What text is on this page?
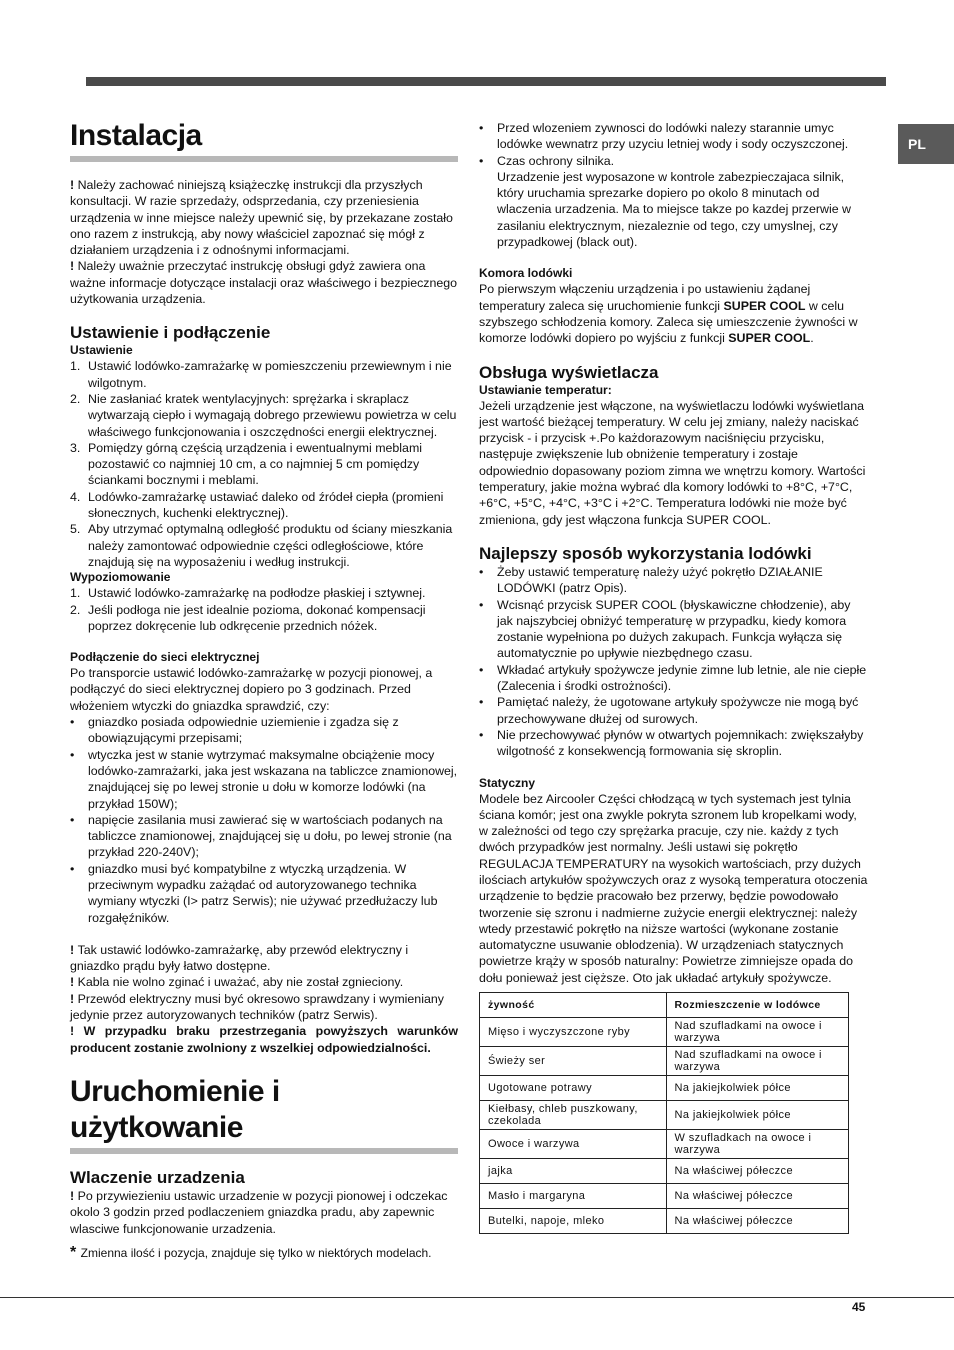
PL
Instalacja

! Należy zachować niniejszą książeczkę instrukcji dla przyszłych konsultacji. W razie sprzedaży, odsprzedania, czy przeniesienia urządzenia w inne miejsce należy upewnić się, by przekazane zostało ono razem z instrukcją, aby nowy właściciel zapoznać się mógł z działaniem urządzenia i z odnośnymi informacjami.

! Należy uważnie przeczytać instrukcję obsługi gdyż zawiera ona ważne informacje dotyczące instalacji oraz właściwego i bezpiecznego użytkowania urządzenia.

Ustawienie i podłączenie
Ustawienie
1. Ustawić lodówko-zamrażarkę w pomieszczeniu przewiewnym i nie wilgotnym.
2. Nie zasłaniać kratek wentylacyjnych: sprężarka i skraplacz wytwarzają ciepło i wymagają dobrego przewiewu powietrza w celu właściwego funkcjonowania i oszczędności energii elektrycznej.
3. Pomiędzy górną częścią urządzenia i ewentualnymi meblami pozostawić co najmniej 10 cm, a co najmniej 5 cm pomiędzy ściankami bocznymi i meblami.
4. Lodówko-zamrażarkę ustawiać daleko od źródeł ciepła (promieni słonecznych, kuchenki elektrycznej).
5. Aby utrzymać optymalną odległość produktu od ściany mieszkania należy zamontować odpowiednie części odległościowe, które znajdują się na wyposażeniu i według instrukcji.
Wypoziomowanie
1. Ustawić lodówko-zamrażarkę na podłodze płaskiej i sztywnej.
2. Jeśli podłoga nie jest idealnie pozioma, dokonać kompensacji poprzez dokręcenie lub odkręcenie przednich nóżek.
Podłączenie do sieci elektrycznej

Po transporcie ustawić lodówko-zamrażarkę w pozycji pionowej, a podłączyć do sieci elektrycznej dopiero po 3 godzinach. Przed włożeniem wtyczki do gniazdka sprawdzić, czy:

• gniazdko posiada odpowiednie uziemienie i zgadza się z obowiązującymi przepisami;
• wtyczka jest w stanie wytrzymać maksymalne obciążenie mocy lodówko-zamrażarki, jaka jest wskazana na tabliczce znamionowej, znajdującej się po lewej stronie u dołu w komorze lodówki (na przykład 150W);
• napięcie zasilania musi zawierać się w wartościach podanych na tabliczce znamionowej, znajdującej się u dołu, po lewej stronie (na przykład 220-240V);
• gniazdko musi być kompatybilne z wtyczką urządzenia. W przeciwnym wypadku zażądać od autoryzowanego technika wymiany wtyczki (I> patrz Serwis); nie używać przedłużaczy lub rozgałęźników.

! Tak ustawić lodówko-zamrażarkę, aby przewód elektryczny i gniazdko prądu były łatwo dostępne.

! Kabla nie wolno zginać i uważać, aby nie został zgnieciony.

! Przewód elektryczny musi być okresowo sprawdzany i wymieniany jedynie przez autoryzowanych techników (patrz Serwis).

! W przypadku braku przestrzegania powyższych warunków producent zostanie zwolniony z wszelkiej odpowiedzialności.

Uruchomienie i użytkowanie
Wlaczenie urzadzenia

! Po przywiezieniu ustawic urzadzenie w pozycji pionowej i odczekac okolo 3 godzin przed podlaczeniem gniazdka pradu, aby zapewnic wlasciwe funkcjonowanie urzadzenia.

* Zmienna ilość i pozycja, znajduje się tylko w niektórych modelach.

• Przed wlozeniem zywnosci do lodówki nalezy starannie umyc lodówke wewnatrz przy uzyciu letniej wody i sody oczyszczonej.
• Czas ochrony silnika.

Urzadzenie jest wyposazone w kontrole zabezpieczajaca silnik, który uruchamia sprezarke dopiero po okolo 8 minutach od wlaczenia urzadzenia. Ma to miejsce takze po kazdej przerwie w zasilaniu elektrycznym, niezaleznie od tego, czy umyslnej, czy przypadkowej (black out).

Komora lodówki

Po pierwszym włączeniu urządzenia i po ustawieniu żądanej temperatury zaleca się uruchomienie funkcji SUPER COOL w celu szybszego schłodzenia komory. Zaleca się umieszczenie żywności w komorze lodówki dopiero po wyjściu z funkcji SUPER COOL.

Obsługa wyświetlacza
Ustawianie temperatur:

Jeżeli urządzenie jest włączone, na wyświetlaczu lodówki wyświetlana jest wartość bieżącej temperatury. W celu jej zmiany, należy naciskać przycisk - i przycisk +.Po każdorazowym naciśnięciu przycisku, następuje zwiększenie lub obniżenie temperatury i zostaje odpowiednio dopasowany poziom zimna we wnętrzu komory. Wartości temperatury, jakie można wybrać dla komory lodówki to +8°C, +7°C, +6°C, +5°C, +4°C, +3°C i +2°C. Temperatura lodówki nie może być zmieniona, gdy jest włączona funkcja SUPER COOL.

Najlepszy sposób wykorzystania lodówki
• Żeby ustawić temperaturę należy użyć pokrętło DZIAŁANIE LODÓWKI (patrz Opis).
• Wcisnąć przycisk SUPER COOL (błyskawiczne chłodzenie), aby jak najszybciej obniżyć temperaturę w przypadku, kiedy komora zostanie wypełniona po dużych zakupach. Funkcja wyłącza się automatycznie po upływie niezbędnego czasu.
• Wkładać artykuły spożywcze jedynie zimne lub letnie, ale nie ciepłe (Zalecenia i środki ostrożności).
• Pamiętać należy, że ugotowane artykuły spożywcze nie mogą być przechowywane dłużej od surowych.
• Nie przechowywać płynów w otwartych pojemnikach: zwiększałyby wilgotność z konsekwencją formowania się skroplin.
Statyczny

Modele bez Aircooler Części chłodzącą w tych systemach jest tylnia ściana komór; jest ona zwykle pokryta szronem lub kropelkami wody, w zależności od tego czy sprężarka pracuje, czy nie. każdy z tych dwóch przypadków jest normalny. Jeśli ustawi się pokrętło REGULACJA TEMPERATURY na wysokich wartościach, przy dużych ilościach artykułów spożywczych oraz z wysoką temperatura otoczenia urządzenie to będzie pracowało bez przerwy, będzie powodowało tworzenie się szronu i nadmierne zużycie energii elektrycznej: należy wtedy przestawić pokrętło na niższe wartości (wykonane zostanie automatyczne usuwanie oblodzenia). W urządzeniach statycznych powietrze krąży w sposób naturalny: Powietrze zimniejsze opada do dołu ponieważ jest cięższe. Oto jak układać artykuły spożywcze.

żywność	Rozmieszczenie w lodówce
Mięso i wyczyszczone ryby	Nad szufladkami na owoce i warzywa
Świeży ser	Nad szufladkami na owoce i warzywa
Ugotowane potrawy	Na jakiejkolwiek półce
Kiełbasy, chleb puszkowany, czekolada	Na jakiejkolwiek półce
Owoce i warzywa	W szufladkach na owoce i warzywa
jajka	Na właściwej półeczce
Masło i margaryna	Na właściwej półeczce
Butelki, napoje, mleko	Na właściwej półeczce
45
